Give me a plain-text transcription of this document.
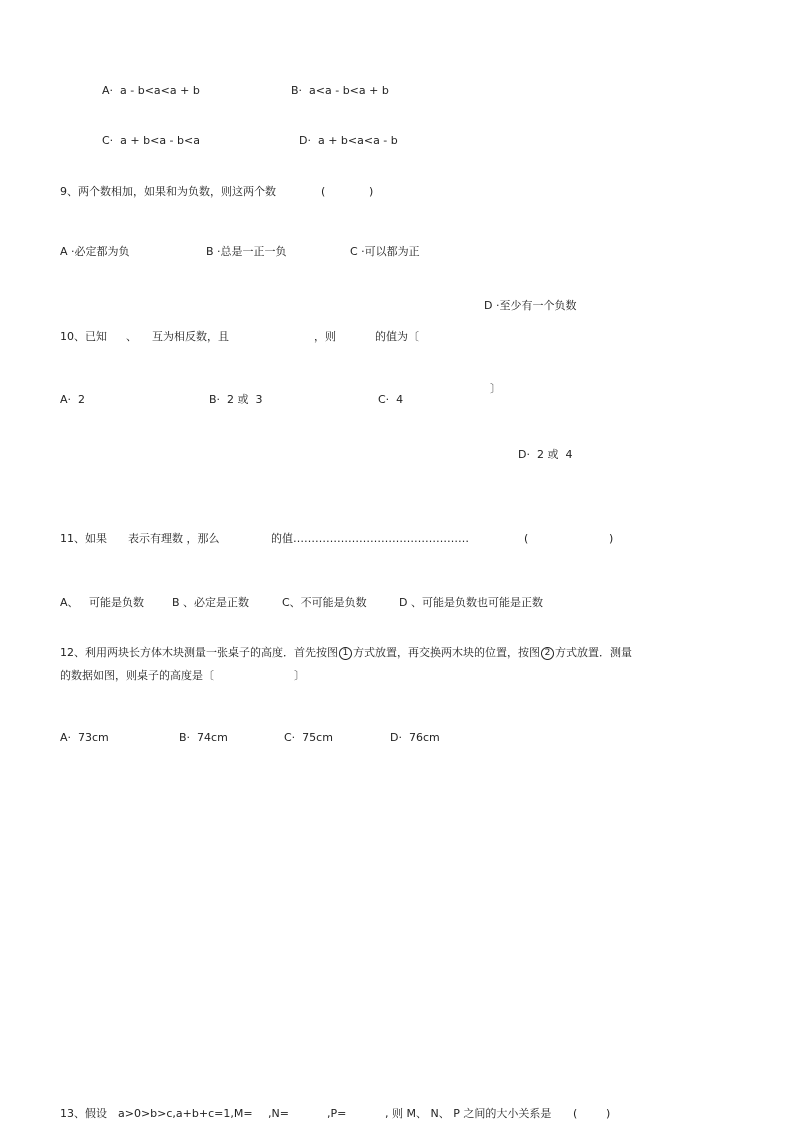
A·  a - b<a<a + b	B·  a<a - b<a + b
C·  a + b<a - b<a	D·  a + b<a<a - b
9、两个数相加，如果和为负数，则这两个数	(	)
A ·必定都为负	B ·总是一正一负	C ·可以都为正
D ·至少有一个负数
10、已知 、 互为相反数，且	，则	的值为〔
〕
A·  2	B·  2 或  3	C·  4
D·  2 或  4
11、如果 表示有理数 ，那么	的值…………………………………………	(	)
A、   可能是负数	B 、必定是正数	C、不可能是负数	D 、可能是负数也可能是正数
12、利用两块长方体木块测量一张桌子的高度．首先按图 1 方式放置，再交换两木块的位置，按图 2 方式放置．测量
的数据如图，则桌子的高度是〔	〕
A·  73cm	B·  74cm	C·  75cm	D·  76cm
13、假设 a>0>b>c,a+b+c=1,M= ,N=	,P=	, 则 M、 N、 P 之间的大小关系是 (	)
